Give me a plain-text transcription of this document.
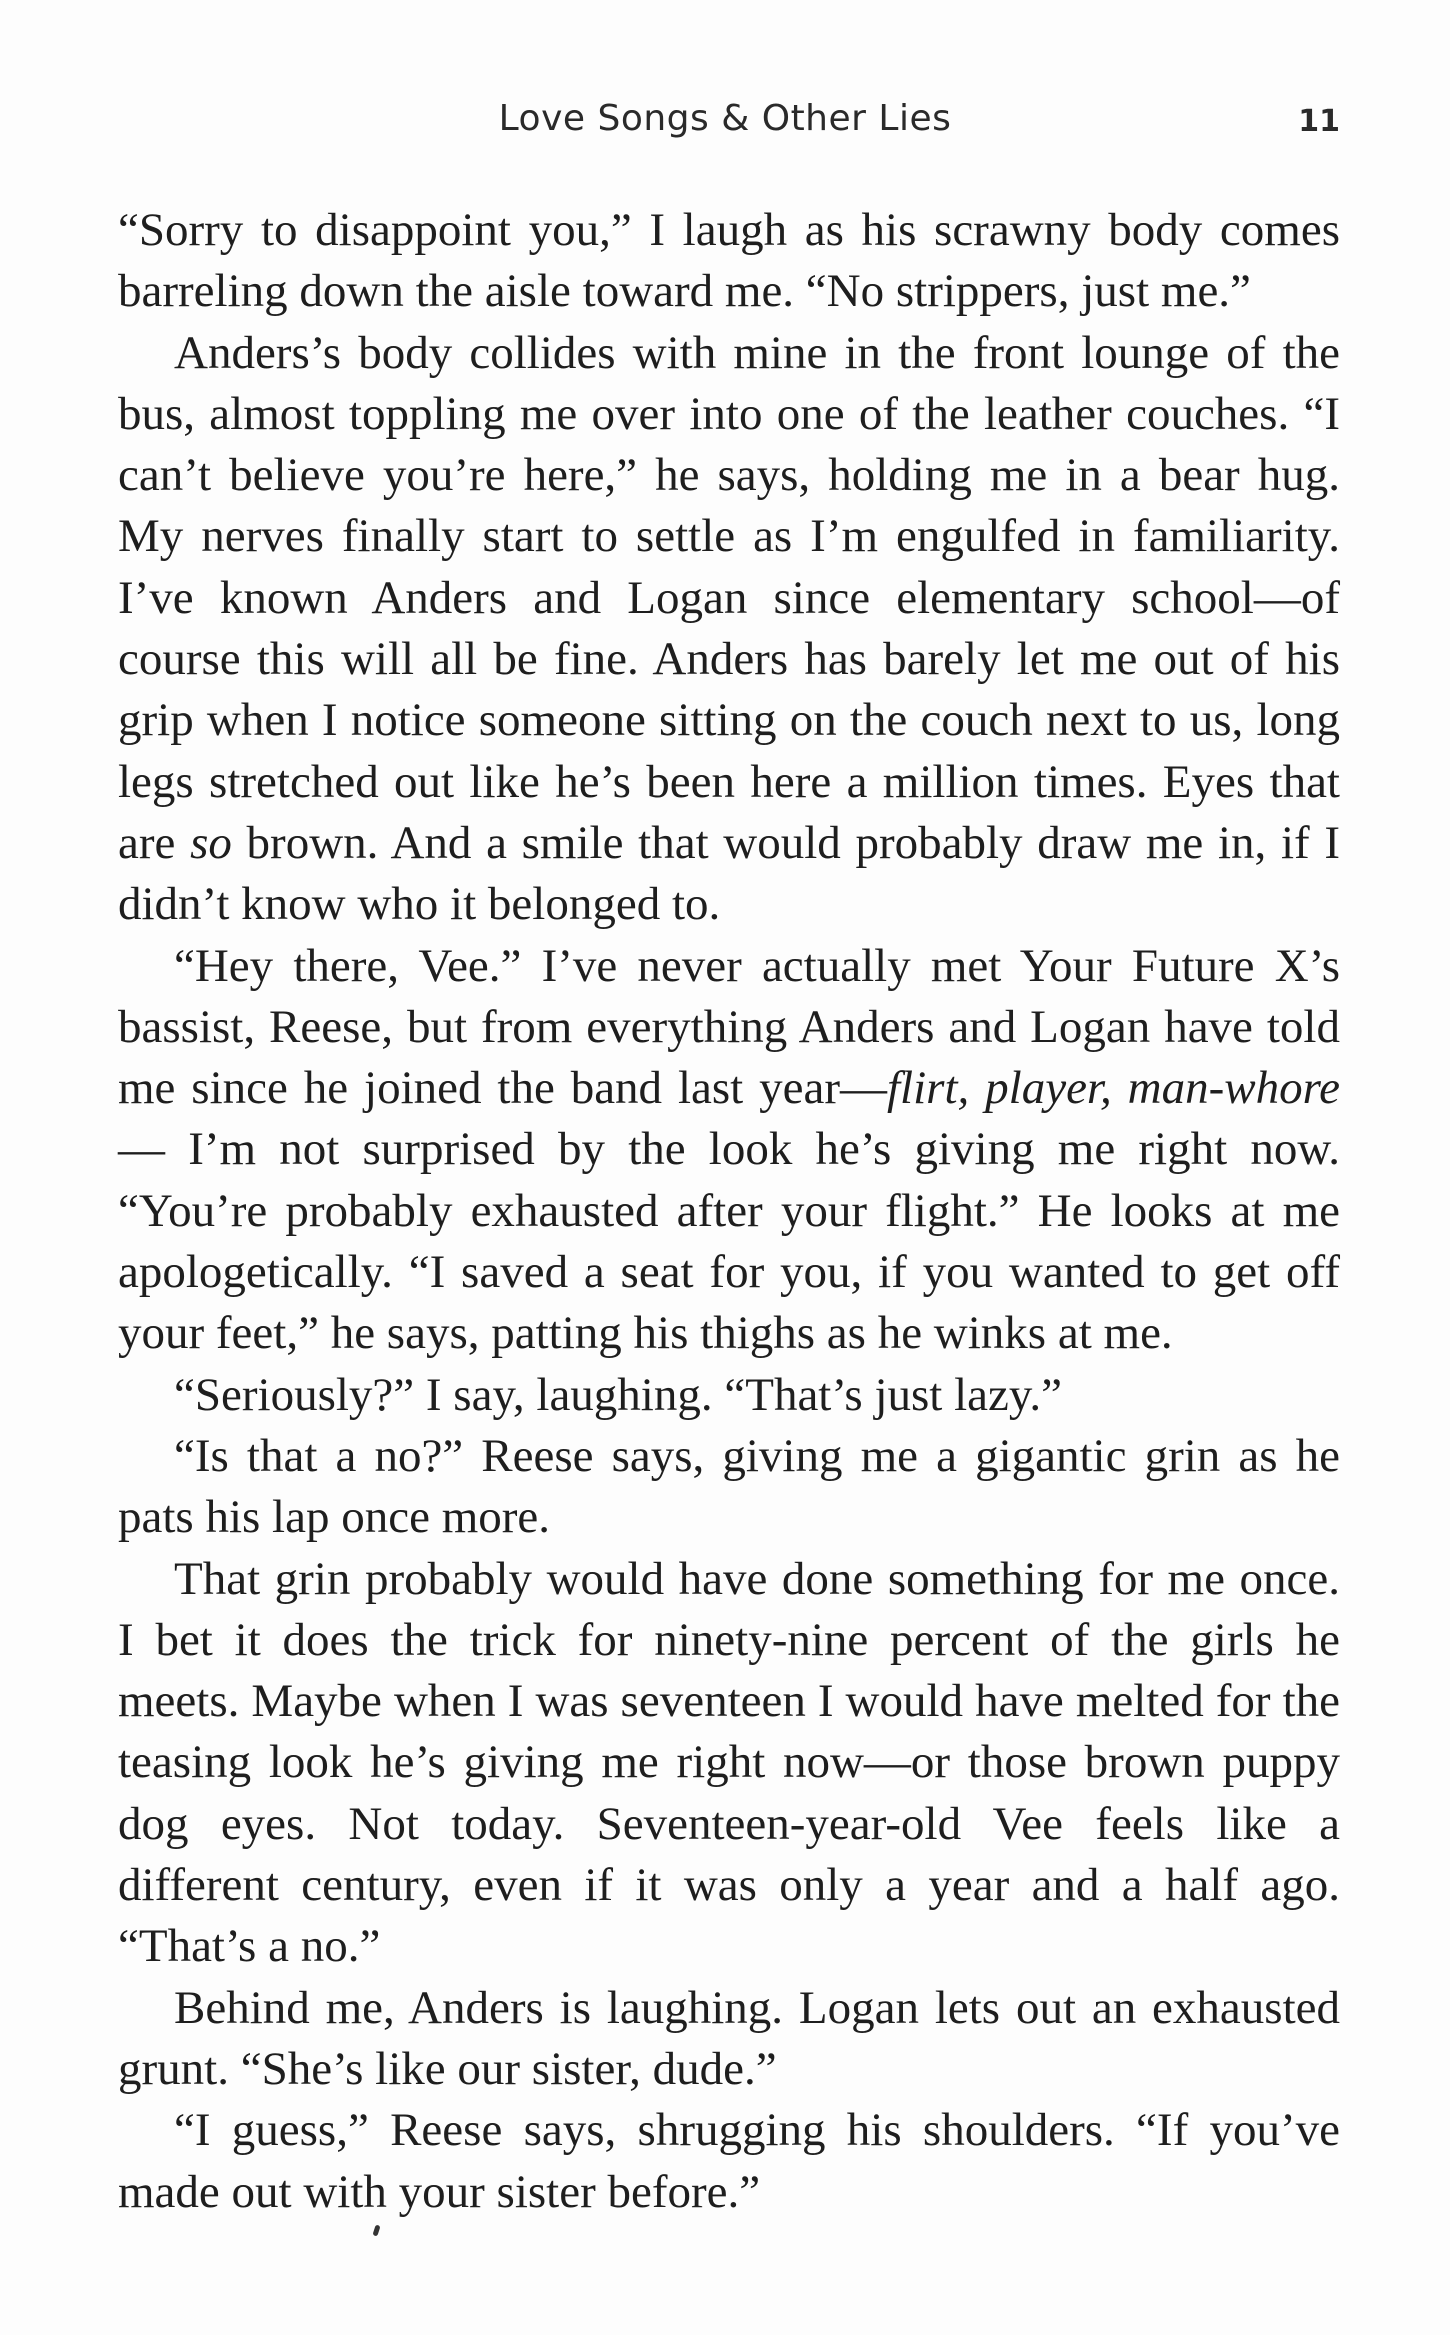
Love Songs & Other Lies	11

“Sorry to disappoint you,” I laugh as his scrawny body comes barreling down the aisle toward me. “No strippers, just me.”

Anders’s body collides with mine in the front lounge of the bus, almost toppling me over into one of the leather couches. “I can’t believe you’re here,” he says, holding me in a bear hug. My nerves finally start to settle as I’m engulfed in familiarity. I’ve known Anders and Logan since elementary school—of course this will all be fine. Anders has barely let me out of his grip when I notice someone sitting on the couch next to us, long legs stretched out like he’s been here a million times. Eyes that are so brown. And a smile that would probably draw me in, if I didn’t know who it belonged to.

“Hey there, Vee.” I’ve never actually met Your Future X’s bassist, Reese, but from everything Anders and Logan have told me since he joined the band last year—flirt, player, man-whore— I’m not surprised by the look he’s giving me right now. “You’re probably exhausted after your flight.” He looks at me apologetically. “I saved a seat for you, if you wanted to get off your feet,” he says, patting his thighs as he winks at me.

“Seriously?” I say, laughing. “That’s just lazy.”

“Is that a no?” Reese says, giving me a gigantic grin as he pats his lap once more.

That grin probably would have done something for me once. I bet it does the trick for ninety-nine percent of the girls he meets. Maybe when I was seventeen I would have melted for the teasing look he’s giving me right now—or those brown puppy dog eyes. Not today. Seventeen-year-old Vee feels like a different century, even if it was only a year and a half ago. “That’s a no.”

Behind me, Anders is laughing. Logan lets out an exhausted grunt. “She’s like our sister, dude.”

“I guess,” Reese says, shrugging his shoulders. “If you’ve made out with your sister before.”
